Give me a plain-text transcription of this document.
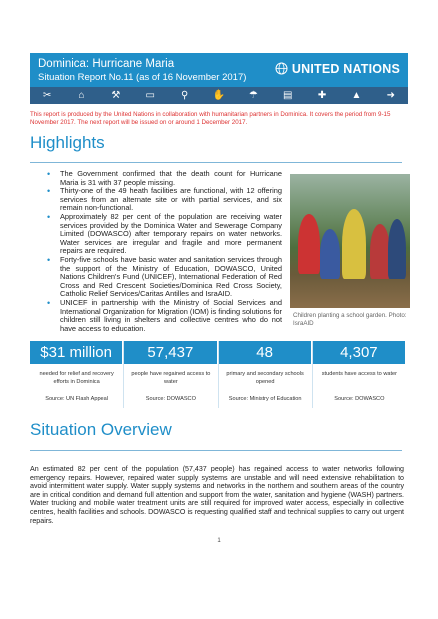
Dominica: Hurricane Maria
Situation Report No.11 (as of 16 November 2017)
UNITED NATIONS
✂	⌂	⚒	▭	⚲	✋ ☂	▤	✚	▲	➜
This report is produced by the United Nations in collaboration with humanitarian partners in Dominica. It covers the period from 9-15 November 2017. The next report will be issued on or around 1 December 2017.
Highlights
• The Government confirmed that the death count for Hurricane Maria is 31 with 37 people missing.
• Thirty-one of the 49 heath facilities are functional, with 12 offering services from an alternate site or with partial services, and six remain non-functional.
• Approximately 82 per cent of the population are receiving water services provided by the Dominica Water and Sewerage Company Limited (DOWASCO) after temporary repairs on water networks. Water services are irregular and fragile and more permanent repairs are required.
• Forty-five schools have basic water and sanitation services through the support of the Ministry of Education, DOWASCO, United Nations Children's Fund (UNICEF), International Federation of Red Cross and Red Crescent Societies/Dominica Red Cross Society, Catholic Relief Services/Caritas Antilles and IsraAID.
• UNICEF in partnership with the Ministry of Social Services and International Organization for Migration (IOM) is finding solutions for children still living in shelters and collective centres who do not have access to education.
Children planting a school garden. Photo: IsraAID
$31 million
needed for relief and recovery efforts in Dominica
Source: UN Flash Appeal
57,437
people have regained access to water
Source: DOWASCO
48
primary and secondary schools opened
Source: Ministry of Education
4,307
students have access to water
Source: DOWASCO
Situation Overview

An estimated 82 per cent of the population (57,437 people) has regained access to water networks following emergency repairs. However, repaired water supply systems are unstable and will need extensive rehabilitation to avoid intermittent water supply. Water supply systems and networks in the northern and southern areas of the country are in critical condition and demand full attention and support from the water, sanitation and hygiene (WASH) partners. Water trucking and mobile water treatment units are still required for improved water access, especially in collective centres, health facilities and schools. DOWASCO is requesting qualified staff and technical supplies to carry out urgent repairs.

1
